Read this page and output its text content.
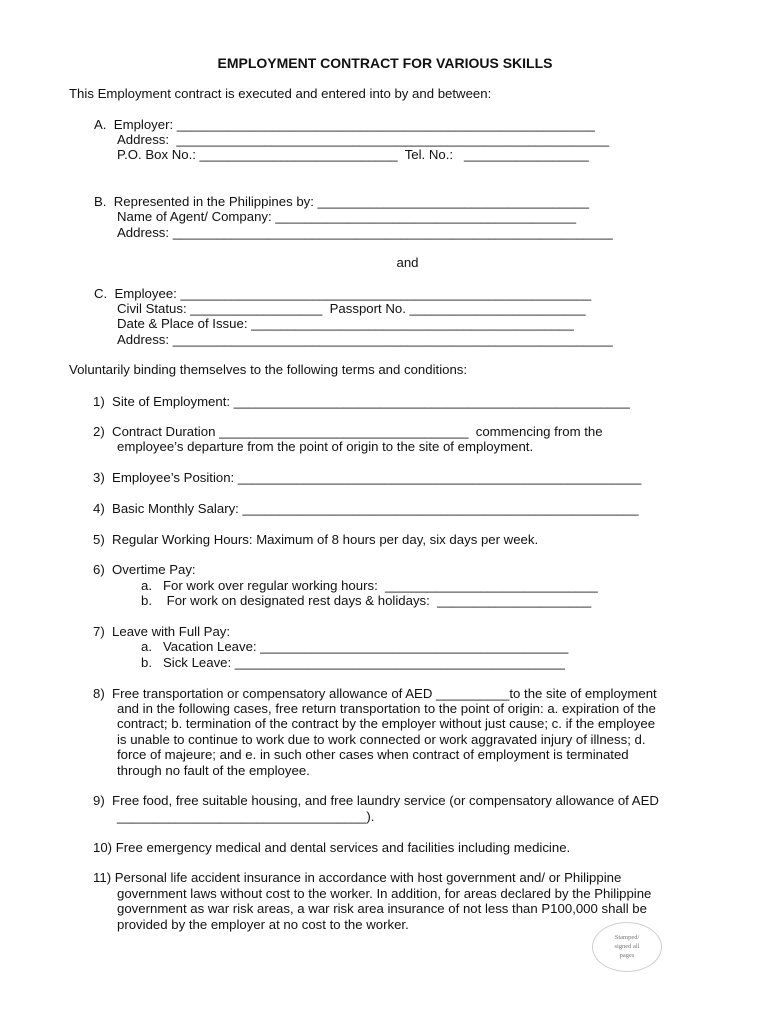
EMPLOYMENT CONTRACT FOR VARIOUS SKILLS
This Employment contract is executed and entered into by and between:
A.  Employer: _________________________________________________________
Address:  ___________________________________________________________
P.O. Box No.: ___________________________  Tel. No.:   _________________
B.  Represented in the Philippines by: _____________________________________
Name of Agent/ Company: _________________________________________
Address: ____________________________________________________________
and
C.  Employee: ________________________________________________________
Civil Status: __________________  Passport No. ________________________
Date & Place of Issue: ____________________________________________
Address: ____________________________________________________________
Voluntarily binding themselves to the following terms and conditions:
1)  Site of Employment: ______________________________________________________
2)  Contract Duration __________________________________  commencing from the
employee’s departure from the point of origin to the site of employment.
3)  Employee’s Position: _______________________________________________________
4)  Basic Monthly Salary: ______________________________________________________
5)  Regular Working Hours: Maximum of 8 hours per day, six days per week.
6)  Overtime Pay:
a.   For work over regular working hours:  _____________________________
b.    For work on designated rest days & holidays:  _____________________
7)  Leave with Full Pay:
a.   Vacation Leave: __________________________________________
b.   Sick Leave: _____________________________________________
8)  Free transportation or compensatory allowance of AED __________to the site of employment
and in the following cases, free return transportation to the point of origin: a. expiration of the
contract; b. termination of the contract by the employer without just cause; c. if the employee
is unable to continue to work due to work connected or work aggravated injury of illness; d.
force of majeure; and e. in such other cases when contract of employment is terminated
through no fault of the employee.
9)  Free food, free suitable housing, and free laundry service (or compensatory allowance of AED
__________________________________).
10) Free emergency medical and dental services and facilities including medicine.
11) Personal life accident insurance in accordance with host government and/ or Philippine
government laws without cost to the worker. In addition, for areas declared by the Philippine
government as war risk areas, a war risk area insurance of not less than P100,000 shall be
provided by the employer at no cost to the worker.
Stamped/
signed all
pages
